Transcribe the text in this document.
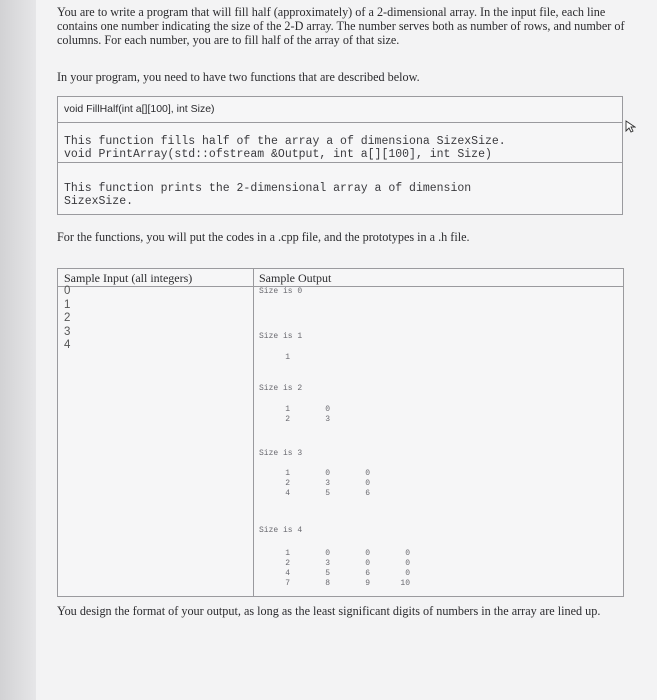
You are to write a program that will fill half (approximately) of a 2-dimensional array. In the input file, each line contains one number indicating the size of the 2-D array. The number serves both as number of rows, and number of columns. For each number, you are to fill half of the array of that size.

In your program, you need to have two functions that are described below.

void FillHalf(int a[][100], int Size)
This function fills half of the array a of dimensiona SizexSize.
void PrintArray(std::ofstream &Output, int a[][100], int Size)
This function prints the 2-dimensional array a of dimension
SizexSize.

For the functions, you will put the codes in a .cpp file, and the prototypes in a .h file.

Sample Input (all integers)	Sample Output
0
1
2
3
4
Size is 0
Size is 1
1
Size is 2
1	0
2	3
Size is 3
1	0	0
2	3	0
4	5	6
Size is 4
1	0	0	0
2	3	0	0
4	5	6	0
7	8	9	10

You design the format of your output, as long as the least significant digits of numbers in the array are lined up.
